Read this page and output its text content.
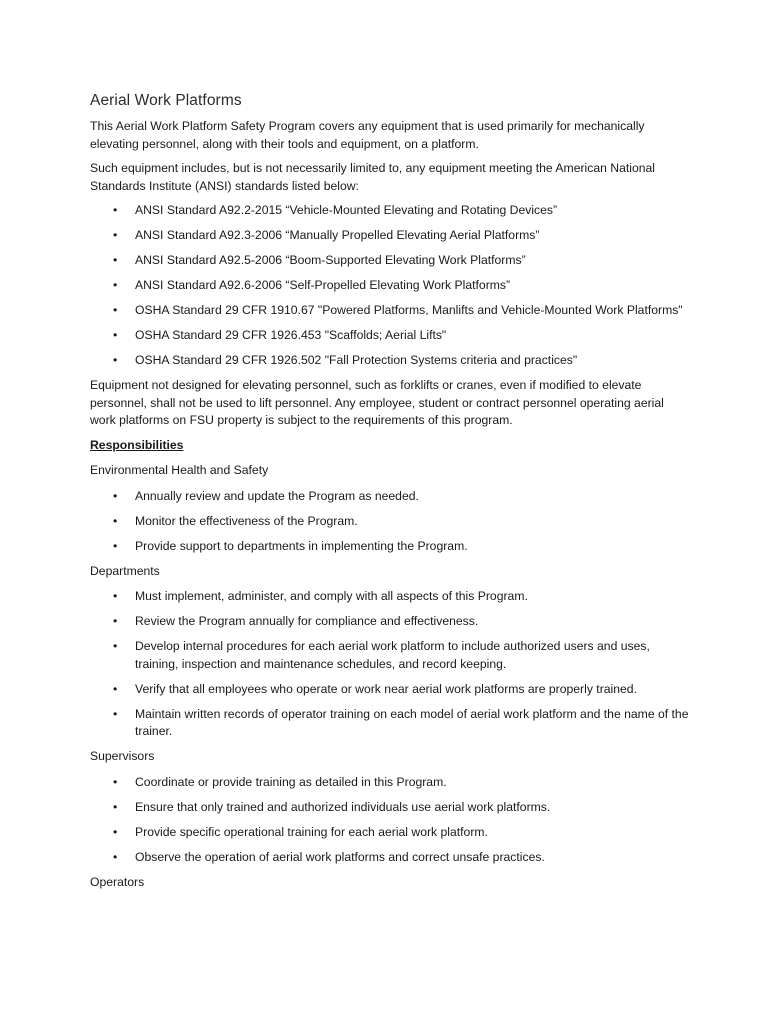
Aerial Work Platforms

This Aerial Work Platform Safety Program covers any equipment that is used primarily for mechanically elevating personnel, along with their tools and equipment, on a platform.

Such equipment includes, but is not necessarily limited to, any equipment meeting the American National Standards Institute (ANSI) standards listed below:

• ANSI Standard A92.2-2015 “Vehicle-Mounted Elevating and Rotating Devices”
• ANSI Standard A92.3-2006 “Manually Propelled Elevating Aerial Platforms”
• ANSI Standard A92.5-2006 “Boom-Supported Elevating Work Platforms”
• ANSI Standard A92.6-2006 “Self-Propelled Elevating Work Platforms”
• OSHA Standard 29 CFR 1910.67 "Powered Platforms, Manlifts and Vehicle-Mounted Work Platforms"
• OSHA Standard 29 CFR 1926.453 "Scaffolds; Aerial Lifts"
• OSHA Standard 29 CFR 1926.502 "Fall Protection Systems criteria and practices"

Equipment not designed for elevating personnel, such as forklifts or cranes, even if modified to elevate personnel, shall not be used to lift personnel. Any employee, student or contract personnel operating aerial work platforms on FSU property is subject to the requirements of this program.

Responsibilities

Environmental Health and Safety

• Annually review and update the Program as needed.
• Monitor the effectiveness of the Program.
• Provide support to departments in implementing the Program.

Departments

• Must implement, administer, and comply with all aspects of this Program.
• Review the Program annually for compliance and effectiveness.
• Develop internal procedures for each aerial work platform to include authorized users and uses, training, inspection and maintenance schedules, and record keeping.
• Verify that all employees who operate or work near aerial work platforms are properly trained.
• Maintain written records of operator training on each model of aerial work platform and the name of the trainer.

Supervisors

• Coordinate or provide training as detailed in this Program.
• Ensure that only trained and authorized individuals use aerial work platforms.
• Provide specific operational training for each aerial work platform.
• Observe the operation of aerial work platforms and correct unsafe practices.

Operators
